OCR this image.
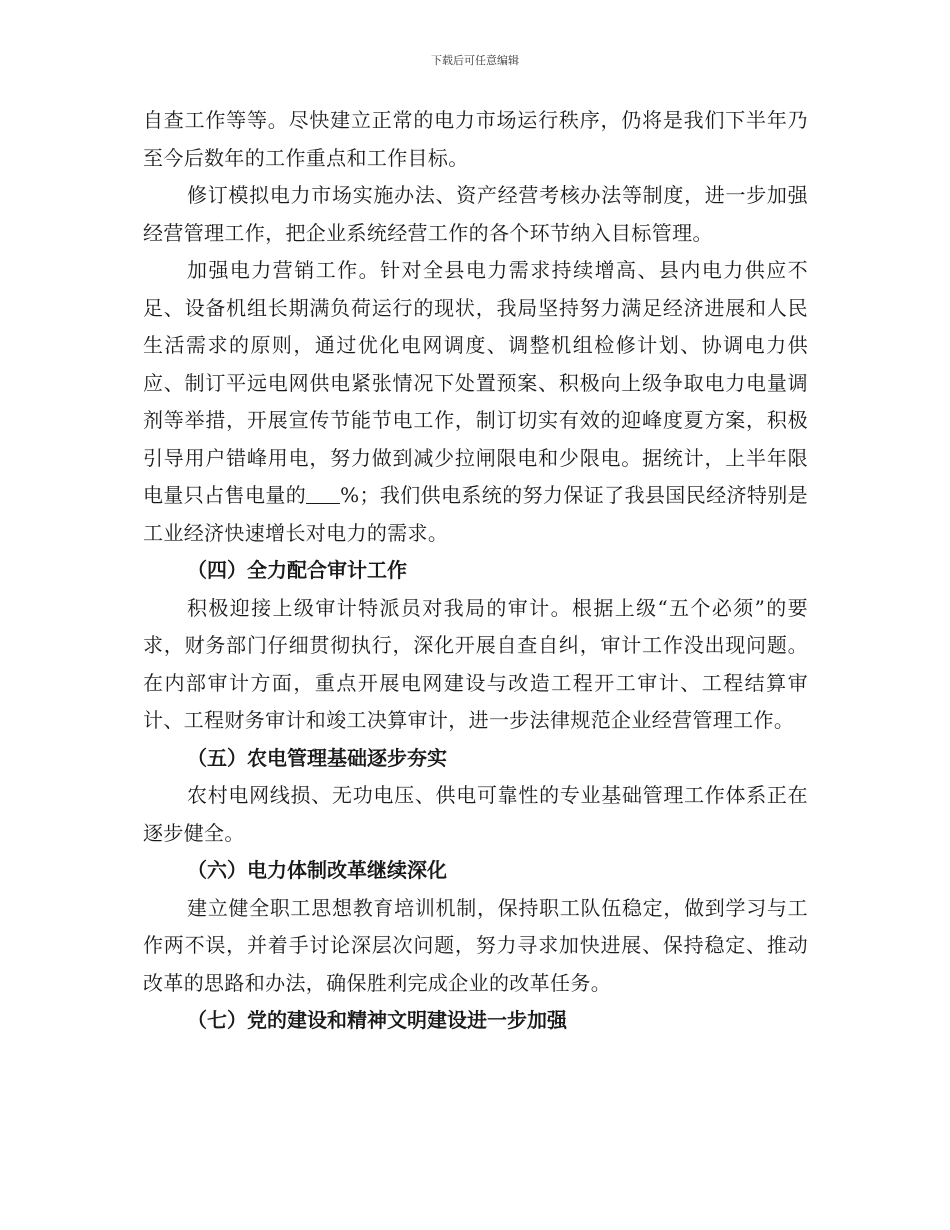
下载后可任意编辑

自查工作等等。尽快建立正常的电力市场运行秩序，仍将是我们下半年乃至今后数年的工作重点和工作目标。

修订模拟电力市场实施办法、资产经营考核办法等制度，进一步加强经营管理工作，把企业系统经营工作的各个环节纳入目标管理。

加强电力营销工作。针对全县电力需求持续增高、县内电力供应不足、设备机组长期满负荷运行的现状，我局坚持努力满足经济进展和人民生活需求的原则，通过优化电网调度、调整机组检修计划、协调电力供应、制订平远电网供电紧张情况下处置预案、积极向上级争取电力电量调剂等举措，开展宣传节能节电工作，制订切实有效的迎峰度夏方案，积极引导用户错峰用电，努力做到减少拉闸限电和少限电。据统计，上半年限电量只占售电量的 %；我们供电系统的努力保证了我县国民经济特别是工业经济快速增长对电力的需求。

（四）全力配合审计工作

积极迎接上级审计特派员对我局的审计。根据上级“五个必须”的要求，财务部门仔细贯彻执行，深化开展自查自纠，审计工作没出现问题。在内部审计方面，重点开展电网建设与改造工程开工审计、工程结算审计、工程财务审计和竣工决算审计，进一步法律规范企业经营管理工作。

（五）农电管理基础逐步夯实

农村电网线损、无功电压、供电可靠性的专业基础管理工作体系正在逐步健全。

（六）电力体制改革继续深化

建立健全职工思想教育培训机制，保持职工队伍稳定，做到学习与工作两不误，并着手讨论深层次问题，努力寻求加快进展、保持稳定、推动改革的思路和办法，确保胜利完成企业的改革任务。

（七）党的建设和精神文明建设进一步加强
